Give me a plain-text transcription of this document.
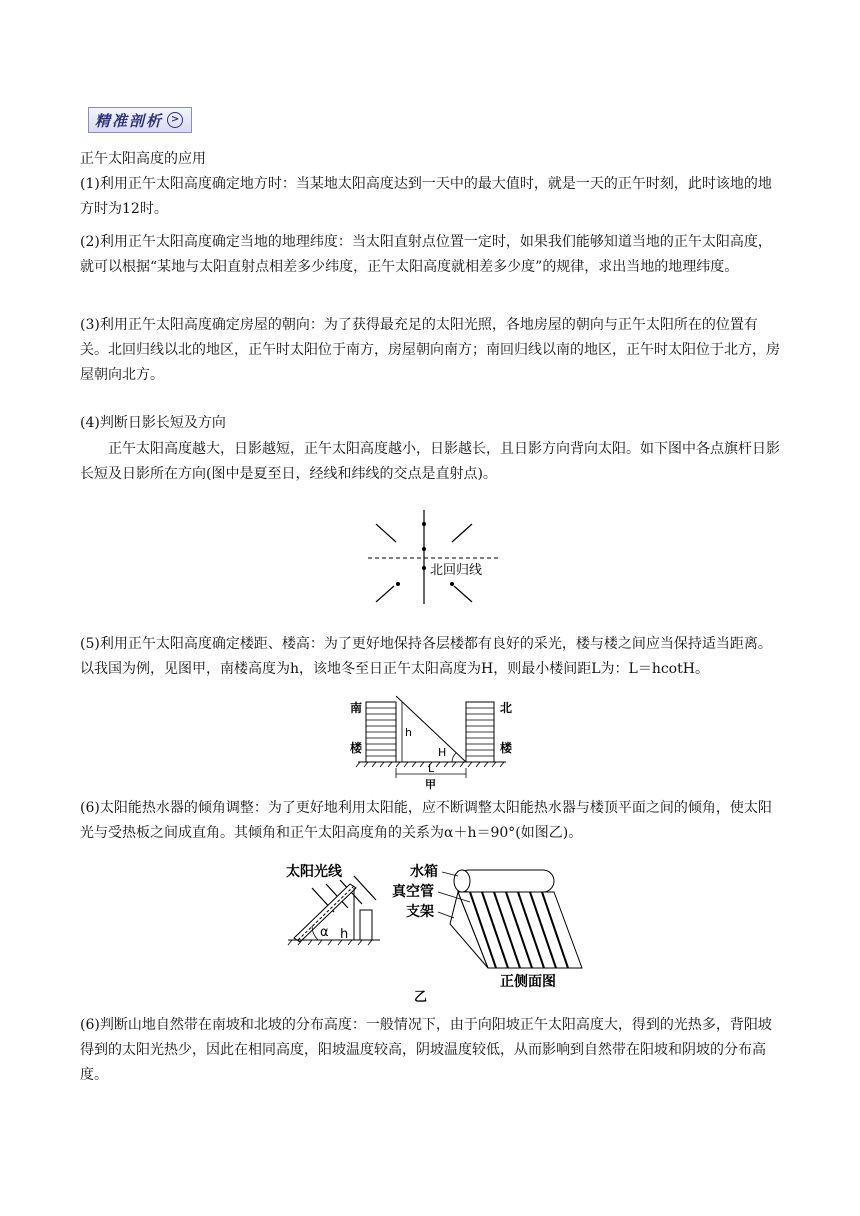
精准剖析 >

正午太阳高度的应用

(1)利用正午太阳高度确定地方时：当某地太阳高度达到一天中的最大值时，就是一天的正午时刻，此时该地的地方时为12时。

(2)利用正午太阳高度确定当地的地理纬度：当太阳直射点位置一定时，如果我们能够知道当地的正午太阳高度，就可以根据“某地与太阳直射点相差多少纬度，正午太阳高度就相差多少度”的规律，求出当地的地理纬度。

(3)利用正午太阳高度确定房屋的朝向：为了获得最充足的太阳光照，各地房屋的朝向与正午太阳所在的位置有关。北回归线以北的地区，正午时太阳位于南方，房屋朝向南方；南回归线以南的地区，正午时太阳位于北方，房屋朝向北方。

(4)判断日影长短及方向

正午太阳高度越大，日影越短，正午太阳高度越小，日影越长，且日影方向背向太阳。如下图中各点旗杆日影长短及日影所在方向(图中是夏至日，经线和纬线的交点是直射点)。

北回归线

(5)利用正午太阳高度确定楼距、楼高：为了更好地保持各层楼都有良好的采光，楼与楼之间应当保持适当距离。以我国为例，见图甲，南楼高度为h，该地冬至日正午太阳高度为H，则最小楼间距L为：L＝hcotH。

南
楼
北
楼
h
H
L
甲

(6)太阳能热水器的倾角调整：为了更好地利用太阳能，应不断调整太阳能热水器与楼顶平面之间的倾角，使太阳光与受热板之间成直角。其倾角和正午太阳高度角的关系为α＋h＝90°(如图乙)。

太阳光线
α h
水箱
真空管
支架
正侧面图
乙

(6)判断山地自然带在南坡和北坡的分布高度：一般情况下，由于向阳坡正午太阳高度大，得到的光热多，背阳坡得到的太阳光热少，因此在相同高度，阳坡温度较高，阴坡温度较低，从而影响到自然带在阳坡和阴坡的分布高度。
